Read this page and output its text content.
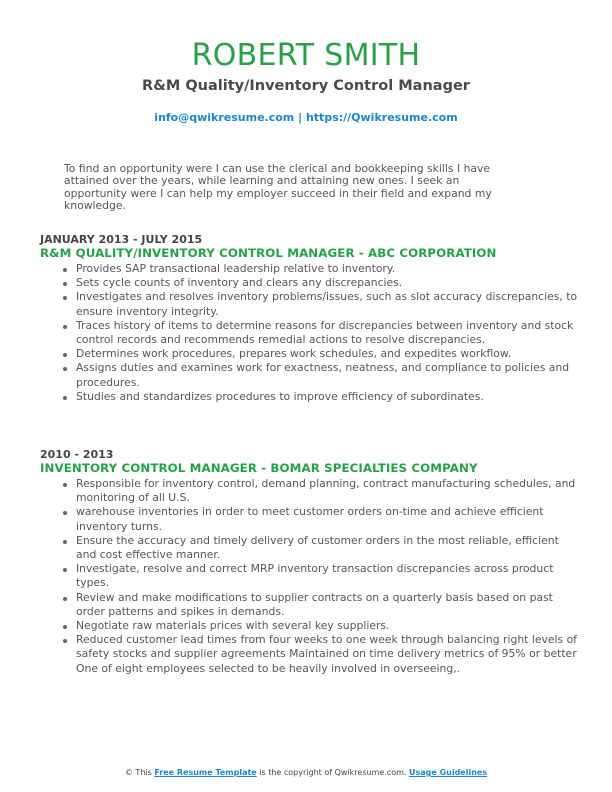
ROBERT SMITH
R&M Quality/Inventory Control Manager
info@qwikresume.com | https://Qwikresume.com
To find an opportunity were I can use the clerical and bookkeeping skills I have attained over the years, while learning and attaining new ones. I seek an opportunity were I can help my employer succeed in their field and expand my knowledge.
JANUARY 2013 - JULY 2015
R&M QUALITY/INVENTORY CONTROL MANAGER - ABC CORPORATION
Provides SAP transactional leadership relative to inventory.
Sets cycle counts of inventory and clears any discrepancies.
Investigates and resolves inventory problems/issues, such as slot accuracy discrepancies, to ensure inventory integrity.
Traces history of items to determine reasons for discrepancies between inventory and stock control records and recommends remedial actions to resolve discrepancies.
Determines work procedures, prepares work schedules, and expedites workflow.
Assigns duties and examines work for exactness, neatness, and compliance to policies and procedures.
Studies and standardizes procedures to improve efficiency of subordinates.
2010 - 2013
INVENTORY CONTROL MANAGER - BOMAR SPECIALTIES COMPANY
Responsible for inventory control, demand planning, contract manufacturing schedules, and monitoring of all U.S.
warehouse inventories in order to meet customer orders on-time and achieve efficient inventory turns.
Ensure the accuracy and timely delivery of customer orders in the most reliable, efficient and cost effective manner.
Investigate, resolve and correct MRP inventory transaction discrepancies across product types.
Review and make modifications to supplier contracts on a quarterly basis based on past order patterns and spikes in demands.
Negotiate raw materials prices with several key suppliers.
Reduced customer lead times from four weeks to one week through balancing right levels of safety stocks and supplier agreements Maintained on time delivery metrics of 95% or better One of eight employees selected to be heavily involved in overseeing,.
© This Free Resume Template is the copyright of Qwikresume.com. Usage Guidelines
